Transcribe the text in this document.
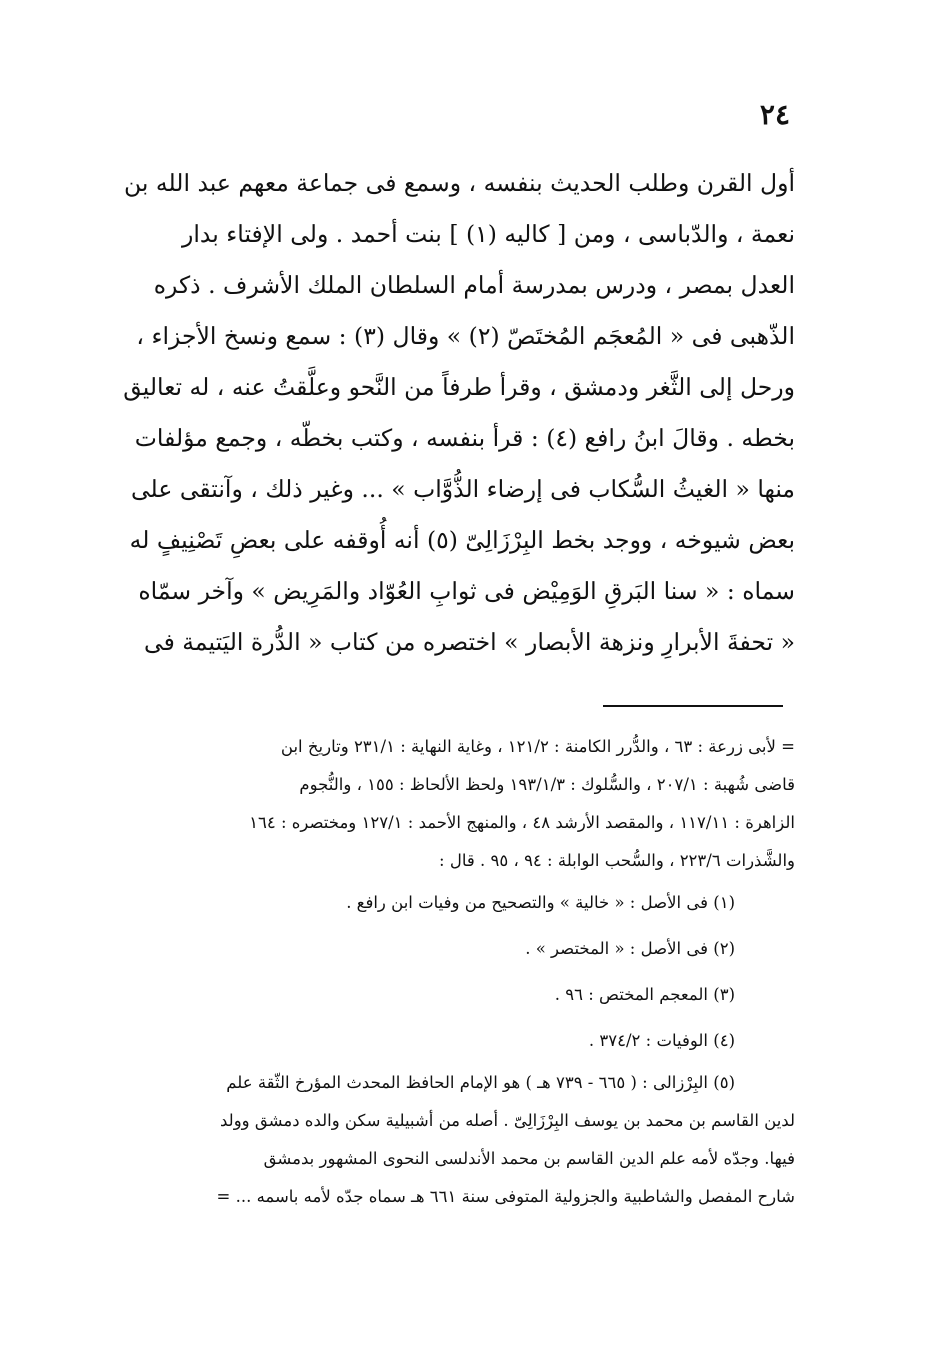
٢٤
أول القرن وطلب الحديث بنفسه ، وسمع فى جماعة معهم عبد الله بن
نعمة ، والدّباسى ، ومن [ كاليه (١) ] بنت أحمد . ولى الإفتاء بدار
العدل بمصر ، ودرس بمدرسة أمام السلطان الملك الأشرف . ذكره
الذّهبى فى « المُعجَم المُختَصّ (٢) » وقال (٣) : سمع ونسخ الأجزاء ،
ورحل إلى الثَّغر ودمشق ، وقرأ طرفاً من النَّحو وعلَّقتُ عنه ، له تعاليق
بخطه . وقالَ ابنُ رافع (٤) : قرأ بنفسه ، وكتب بخطّه ، وجمع مؤلفات
منها « الغيثُ السُّكاب فى إرضاء الذُّوَّاب » ... وغير ذلك ، وآنتقى على
بعض شيوخه ، ووجد بخط البِرْزَالِىّ (٥) أنه أُوقفه على بعضِ تَصْنِيفٍ له
سماه : « سنا البَرقِ الوَمِيْض فى ثوابِ العُوّاد والمَرِيض » وآخر سمّاه
« تحفةَ الأبرارِ ونزهة الأبصار » اختصره من كتاب « الدُّرة اليَتيمة فى
= لأبى زرعة : ٦٣ ، والدُّرر الكامنة : ١٢١/٢ ، وغاية النهاية : ٢٣١/١ وتاريخ ابن
قاضى شُهبة : ٢٠٧/١ ، والسُّلوك : ١٩٣/١/٣ ولحظ الألحاظ : ١٥٥ ، والنُّجوم
الزاهرة : ١١٧/١١ ، والمقصد الأرشد ٤٨ ، والمنهج الأحمد : ١٢٧/١ ومختصره : ١٦٤
والشَّذرات ٢٢٣/٦ ، والسُّحب الوابلة : ٩٤ ، ٩٥ . قال :
(١) فى الأصل : « خالية » والتصحيح من وفيات ابن رافع .
(٢) فى الأصل : « المختصر » .
(٣) المعجم المختص : ٩٦ .
(٤) الوفيات : ٣٧٤/٢ .
(٥) البِرْزالى : ( ٦٦٥ - ٧٣٩ هـ ) هو الإمام الحافظ المحدث المؤرخ الثّقة علم
لدين القاسم بن محمد بن يوسف البِرْزَالِىّ . أصله من أشبيلية سكن والده دمشق وولد
فيها. وجدّه لأمه علم الدين القاسم بن محمد الأندلسى النحوى المشهور بدمشق
شارح المفصل والشاطبية والجزولية المتوفى سنة ٦٦١ هـ سماه جدّه لأمه باسمه ... =
